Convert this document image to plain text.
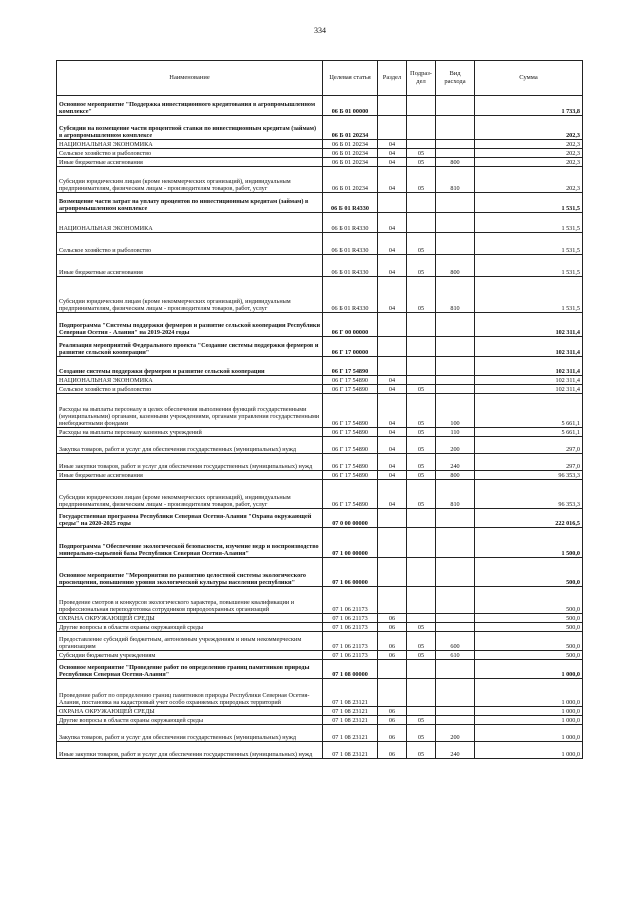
334
Наименование	Целевая статья	Раздел	Подраз-
дел	Вид
расхода	Сумма
Основное мероприятие "Поддержка инвестиционного кредитования в агропромышленном комплексе"	06 Б 01 00000				1 733,8
Субсидии на возмещение части процентной ставки по инвестиционным кредитам (займам) в агропромышленном комплексе	06 Б 01 20234				202,3
НАЦИОНАЛЬНАЯ ЭКОНОМИКА	06 Б 01 20234	04			202,3
Сельское хозяйство и рыболовство	06 Б 01 20234	04	05		202,3
Иные бюджетные ассигнования	06 Б 01 20234	04	05	800	202,3
Субсидии юридическим лицам (кроме некоммерческих организаций), индивидуальным предпринимателям, физическим лицам - производителям товаров, работ, услуг	06 Б 01 20234	04	05	810	202,3
Возмещение части затрат на уплату процентов по инвестиционным кредитам (займам) в агропромышленном комплексе	06 Б 01 R4330				1 531,5
НАЦИОНАЛЬНАЯ ЭКОНОМИКА	06 Б 01 R4330	04			1 531,5
Сельское хозяйство и рыболовство	06 Б 01 R4330	04	05		1 531,5
Иные бюджетные ассигнования	06 Б 01 R4330	04	05	800	1 531,5
Субсидии юридическим лицам (кроме некоммерческих организаций), индивидуальным предпринимателям, физическим лицам - производителям товаров, работ, услуг	06 Б 01 R4330	04	05	810	1 531,5
Подпрограмма "Системы поддержки фермеров и развитие сельской кооперации Республики Северная Осетия - Алания" на 2019-2024 годы	06 Г 00 00000				102 311,4
Реализация мероприятий Федерального проекта "Создание системы поддержки фермеров и развитие сельской кооперации"	06 Г 17 00000				102 311,4
Создание системы поддержки фермеров и развитие сельской кооперации	06 Г 17 54890				102 311,4
НАЦИОНАЛЬНАЯ ЭКОНОМИКА	06 Г 17 54890	04			102 311,4
Сельское хозяйство и рыболовство	06 Г 17 54890	04	05		102 311,4
Расходы на выплаты персоналу в целях обеспечения выполнения функций государственными (муниципальными) органами, казенными учреждениями, органами управления государственными внебюджетными фондами	06 Г 17 54890	04	05	100	5 661,1
Расходы на выплаты персоналу казенных учреждений	06 Г 17 54890	04	05	110	5 661,1
Закупка товаров, работ и услуг для обеспечения государственных (муниципальных) нужд	06 Г 17 54890	04	05	200	297,0
Иные закупки товаров, работ и услуг для обеспечения государственных (муниципальных) нужд	06 Г 17 54890	04	05	240	297,0
Иные бюджетные ассигнования	06 Г 17 54890	04	05	800	96 353,3
Субсидии юридическим лицам (кроме некоммерческих организаций), индивидуальным предпринимателям, физическим лицам - производителям товаров, работ, услуг	06 Г 17 54890	04	05	810	96 353,3
Государственная программа Республики Северная Осетия-Алания "Охрана окружающей среды" на 2020-2025 годы	07 0 00 00000				222 016,5
Подпрограмма "Обеспечение экологической безопасности, изучение недр и воспроизводство минерально-сырьевой базы Республики Северная Осетия-Алания"	07 1 00 00000				1 500,0
Основное мероприятие "Мероприятия по развитию целостной системы экологического просвещения, повышению уровня экологической культуры населения республики"	07 1 06 00000				500,0
Проведение смотров и конкурсов экологического характера, повышение квалификации и профессиональная переподготовка сотрудников природоохранных организаций	07 1 06 21173				500,0
ОХРАНА ОКРУЖАЮЩЕЙ СРЕДЫ	07 1 06 21173	06			500,0
Другие вопросы в области охраны окружающей среды	07 1 06 21173	06	05		500,0
Предоставление субсидий бюджетным, автономным учреждениям и иным некоммерческим организациям	07 1 06 21173	06	05	600	500,0
Субсидии бюджетным учреждениям	07 1 06 21173	06	05	610	500,0
Основное мероприятие "Проведение работ по определению границ памятников природы Республики Северная Осетия-Алания"	07 1 08 00000				1 000,0
Проведение работ по определению границ памятников природы Республики Северная Осетия-Алания, постановка на кадастровый учет особо охраняемых природных территорий	07 1 08 23121				1 000,0
ОХРАНА ОКРУЖАЮЩЕЙ СРЕДЫ	07 1 08 23121	06			1 000,0
Другие вопросы в области охраны окружающей среды	07 1 08 23121	06	05		1 000,0
Закупка товаров, работ и услуг для обеспечения государственных (муниципальных) нужд	07 1 08 23121	06	05	200	1 000,0
Иные закупки товаров, работ и услуг для обеспечения государственных (муниципальных) нужд	07 1 08 23121	06	05	240	1 000,0
